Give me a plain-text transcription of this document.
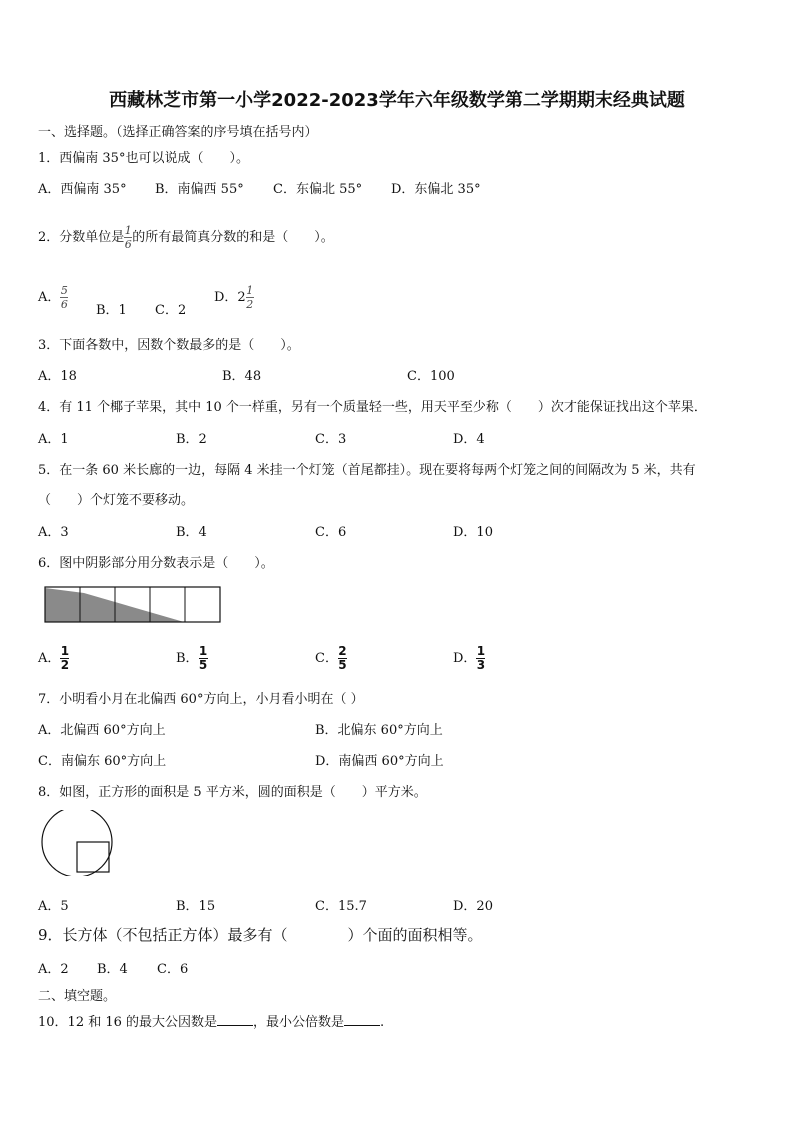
西藏林芝市第一小学2022-2023学年六年级数学第二学期期末经典试题
一、选择题。（选择正确答案的序号填在括号内）
1．西偏南 35°也可以说成（　　）。
A．西偏南 35° B．南偏西 55° C．东偏北 55° D．东偏北 35°
2．分数单位是 $\frac{1}{6}$ 的所有最简真分数的和是（　　）。
A． $\frac{5}{6}$ B．1 C．2
D．$2 \frac{1}{2}$
3．下面各数中，因数个数最多的是（　　）。
A．18	B．48	C．100
4．有 11 个椰子苹果，其中 10 个一样重，另有一个质量轻一些，用天平至少称（　　）次才能保证找出这个苹果．
A．1	B．2	C．3	D．4
5．在一条 60 米长廊的一边，每隔 4 米挂一个灯笼（首尾都挂）。现在要将每两个灯笼之间的间隔改为 5 米，共有
（　　）个灯笼不要移动。
A．3	B．4	C．6	D．10
6．图中阴影部分用分数表示是（　　）。
A． $\frac{1}{2}$	B． $\frac{1}{5}$	C． $\frac{2}{5}$	D． $\frac{1}{3}$
7．小明看小月在北偏西 60°方向上，小月看小明在（ ）
A．北偏西 60°方向上	B．北偏东 60°方向上
C．南偏东 60°方向上	D．南偏西 60°方向上
8．如图，正方形的面积是 5 平方米，圆的面积是（　　）平方米。
A．5	B．15	C．15.7	D．20
9．长方体（不包括正方体）最多有（　　　　）个面的面积相等。
A．2 B．4 C．6
二、填空题。
10．12 和 16 的最大公因数是	，最小公倍数是	.
